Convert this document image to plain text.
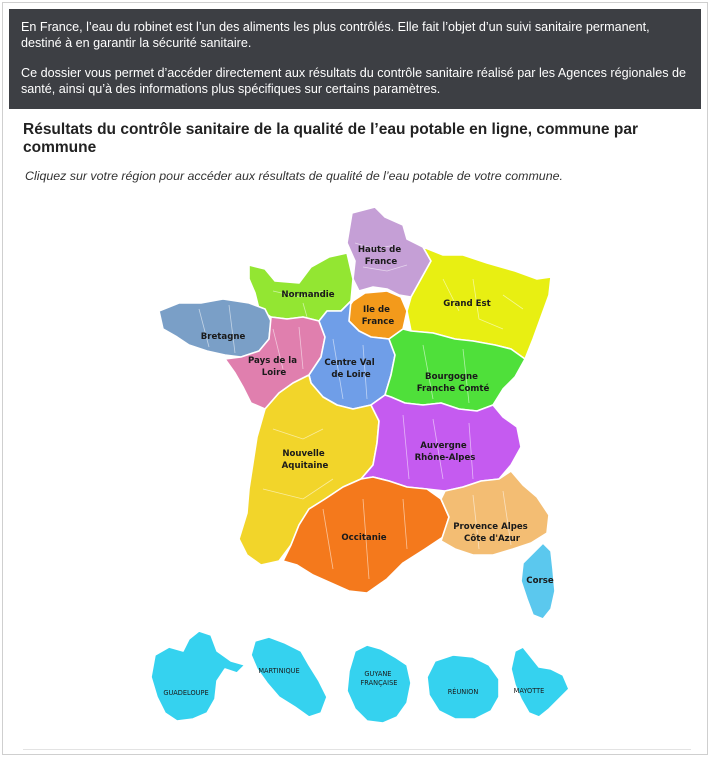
En France, l’eau du robinet est l’un des aliments les plus contrôlés. Elle fait l’objet d’un suivi sanitaire permanent, destiné à en garantir la sécurité sanitaire.

Ce dossier vous permet d’accéder directement aux résultats du contrôle sanitaire réalisé par les Agences régionales de santé, ainsi qu’à des informations plus spécifiques sur certains paramètres.

Résultats du contrôle sanitaire de la qualité de l’eau potable en ligne, commune par commune
Cliquez sur votre région pour accéder aux résultats de qualité de l’eau potable de votre commune.
Hauts de France
Normandie
Ile de France
Grand Est
Bretagne
Pays de la Loire
Centre Val de Loire	Bourgogne Franche Comté
Nouvelle Aquitaine
Auvergne Rhône-Alpes
Occitanie
Provence Alpes Côte d'Azur
Corse
GUADELOUPE
MARTINIQUE	GUYANE FRANÇAISE
RÉUNION	MAYOTTE
